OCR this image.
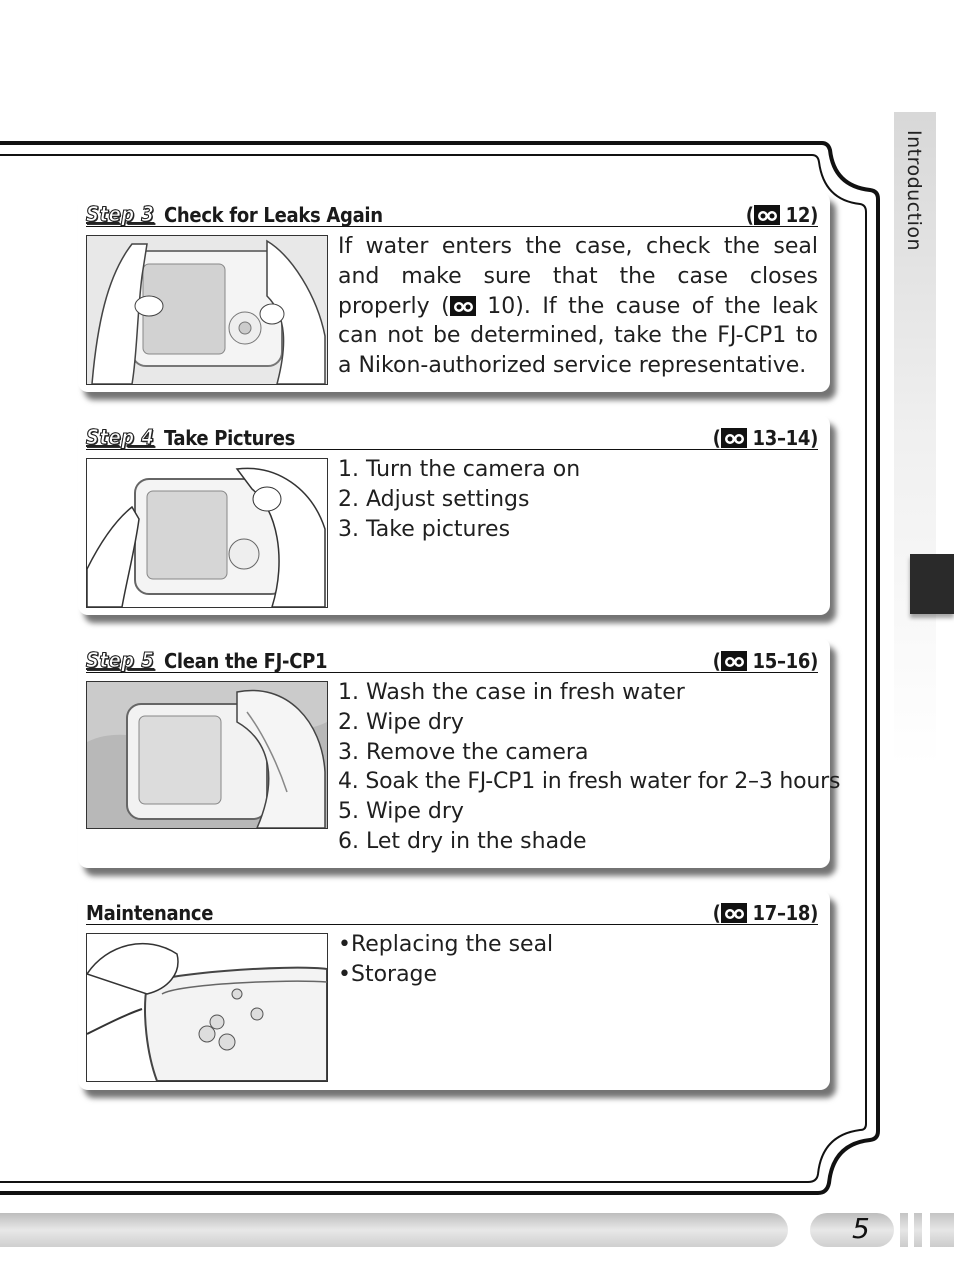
Introduction
Step 3 Check for Leaks Again	( 12)
If water enters the case, check the seal and make sure that the case closes properly ( 10). If the cause of the leak can not be determined, take the FJ-CP1 to a Nikon-authorized service representative.
Step 4 Take Pictures	( 13–14)
1. Turn the camera on
2. Adjust settings
3. Take pictures
Step 5 Clean the FJ-CP1	( 15–16)
1. Wash the case in fresh water
2. Wipe dry
3. Remove the camera
4. Soak the FJ-CP1 in fresh water for 2–3 hours
5. Wipe dry
6. Let dry in the shade
Maintenance	( 17–18)
•Replacing the seal
•Storage
5
